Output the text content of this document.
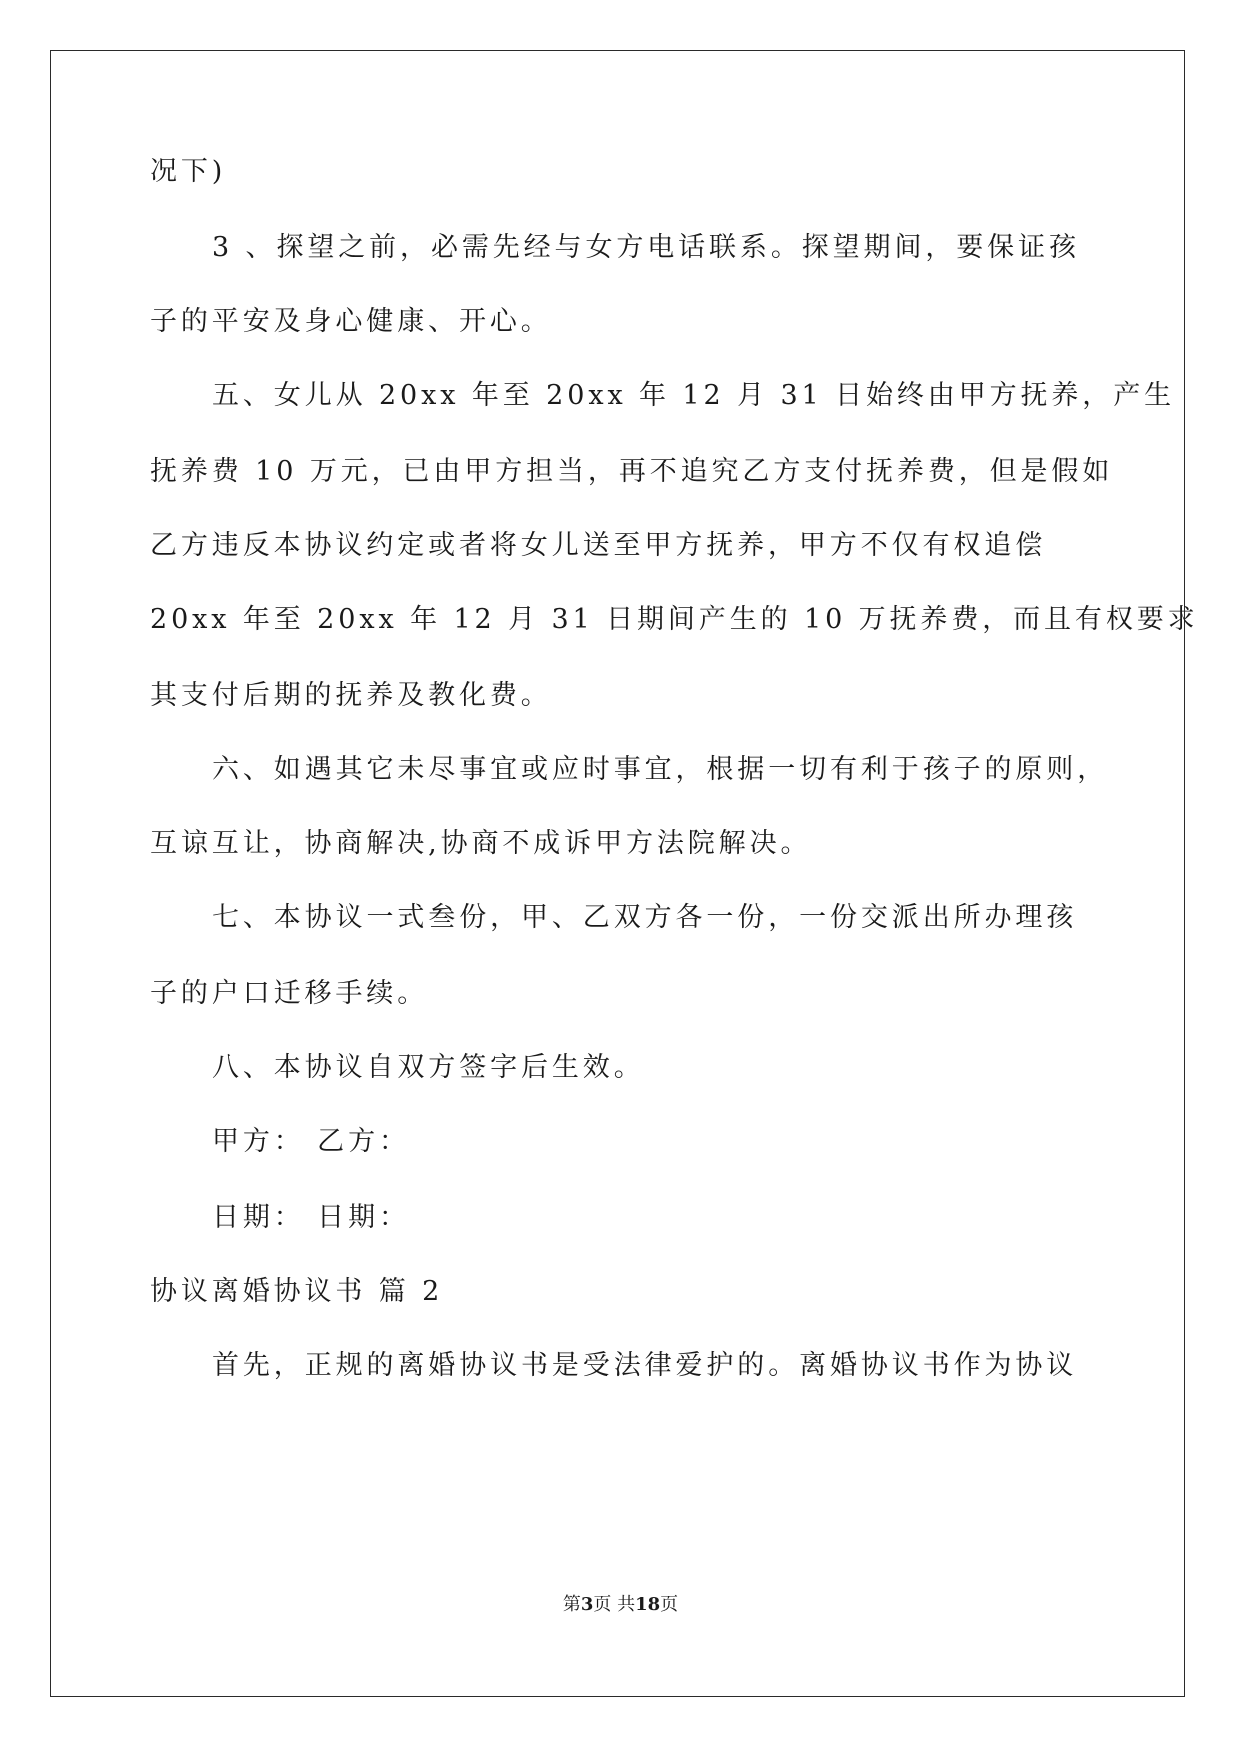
况下)
3 、探望之前，必需先经与女方电话联系。探望期间，要保证孩
子的平安及身心健康、开心。
五、女儿从 20xx 年至 20xx 年 12 月 31 日始终由甲方抚养，产生
抚养费 10 万元，已由甲方担当，再不追究乙方支付抚养费，但是假如
乙方违反本协议约定或者将女儿送至甲方抚养，甲方不仅有权追偿
20xx 年至 20xx 年 12 月 31 日期间产生的 10 万抚养费，而且有权要求
其支付后期的抚养及教化费。
六、如遇其它未尽事宜或应时事宜，根据一切有利于孩子的原则，
互谅互让，协商解决,协商不成诉甲方法院解决。
七、本协议一式叁份，甲、乙双方各一份，一份交派出所办理孩
子的户口迁移手续。
八、本协议自双方签字后生效。
甲方： 乙方：
日期： 日期：
协议离婚协议书 篇 2
首先，正规的离婚协议书是受法律爱护的。离婚协议书作为协议
第3页 共18页
